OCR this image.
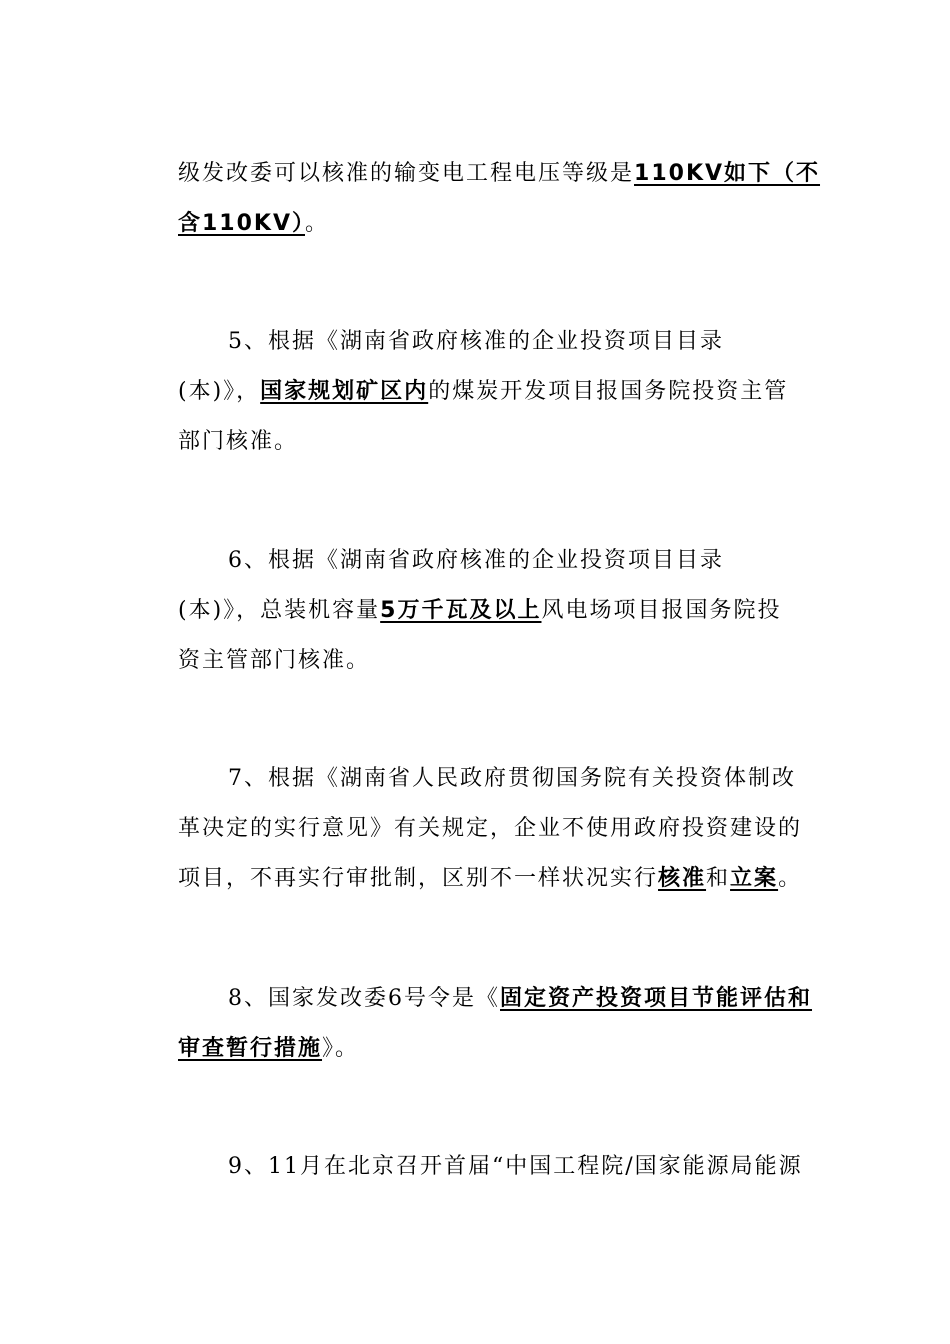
级发改委可以核准的输变电工程电压等级是110KV如下（不
含110KV）。
5、根据《湖南省政府核准的企业投资项目目录
(本)》，国家规划矿区内的煤炭开发项目报国务院投资主管
部门核准。
6、根据《湖南省政府核准的企业投资项目目录
(本)》，总装机容量5万千瓦及以上风电场项目报国务院投
资主管部门核准。
7、根据《湖南省人民政府贯彻国务院有关投资体制改
革决定的实行意见》有关规定，企业不使用政府投资建设的
项目，不再实行审批制，区别不一样状况实行核准和立案。
8、国家发改委6号令是《固定资产投资项目节能评估和
审查暂行措施》。
9、11月在北京召开首届“中国工程院/国家能源局能源
